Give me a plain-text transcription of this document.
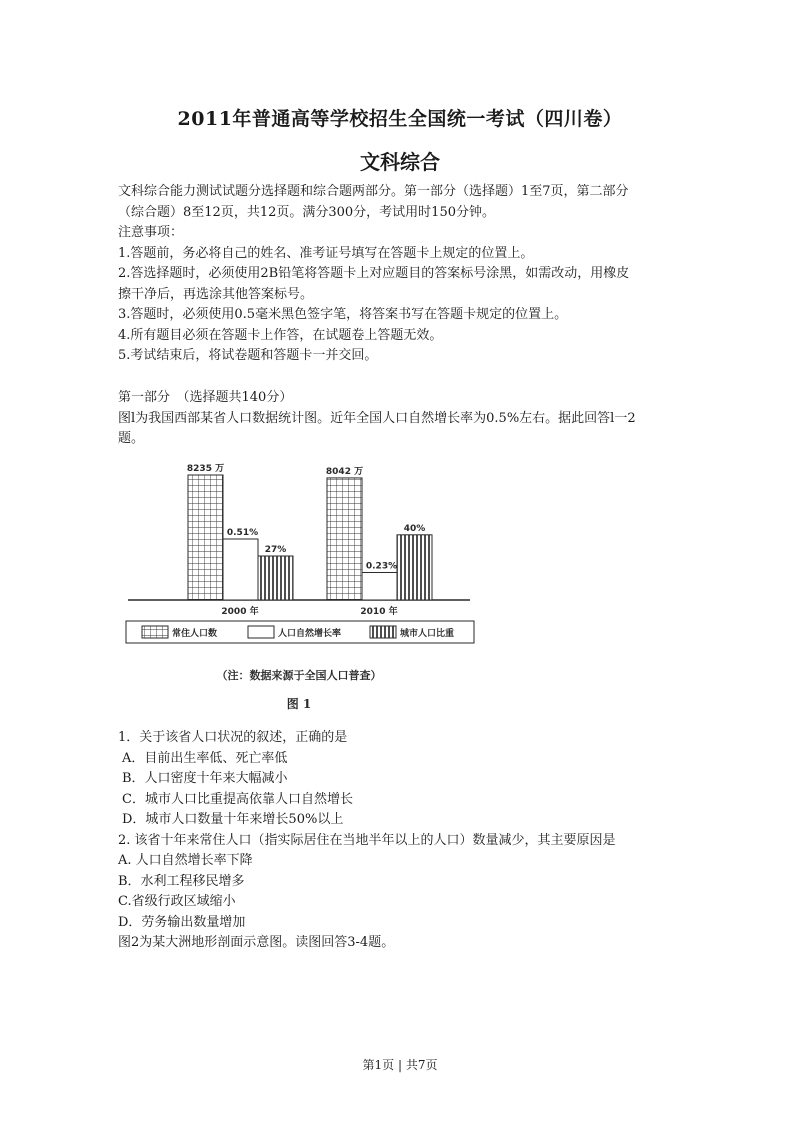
2011年普通高等学校招生全国统一考试（四川卷）
文科综合

文科综合能力测试试题分选择题和综合题两部分。第一部分（选择题）1至7页，第二部分

（综合题）8至12页，共12页。满分300分，考试用时150分钟。

注意事项：

1.答题前，务必将自己的姓名、准考证号填写在答题卡上规定的位置上。

2.答选择题时，必须使用2B铅笔将答题卡上对应题目的答案标号涂黑，如需改动，用橡皮

擦干净后，再选涂其他答案标号。

3.答题时，必须使用0.5毫米黑色签字笔，将答案书写在答题卡规定的位置上。

4.所有题目必须在答题卡上作答，在试题卷上答题无效。

5.考试结束后，将试卷题和答题卡一并交回。

第一部分　（选择题共140分）

图l为我国西部某省人口数据统计图。近年全国人口自然增长率为0.5%左右。据此回答l一2

题。

8235 万	8042 万
0.51%
0.23%
27%
40%
2000 年	2010 年
常住人口数	人口自然增长率	城市人口比重
（注：数据来源于全国人口普查）
图 1

1．关于该省人口状况的叙述，正确的是

A．目前出生率低、死亡率低

B．人口密度十年来大幅减小

C．城市人口比重提高依靠人口自然增长

D．城市人口数量十年来增长50%以上

2. 该省十年来常住人口（指实际居住在当地半年以上的人口）数量减少，其主要原因是

A. 人口自然增长率下降

B．水利工程移民增多

C.省级行政区域缩小

D．劳务输出数量增加

图2为某大洲地形剖面示意图。读图回答3-4题。

第1页 | 共7页
